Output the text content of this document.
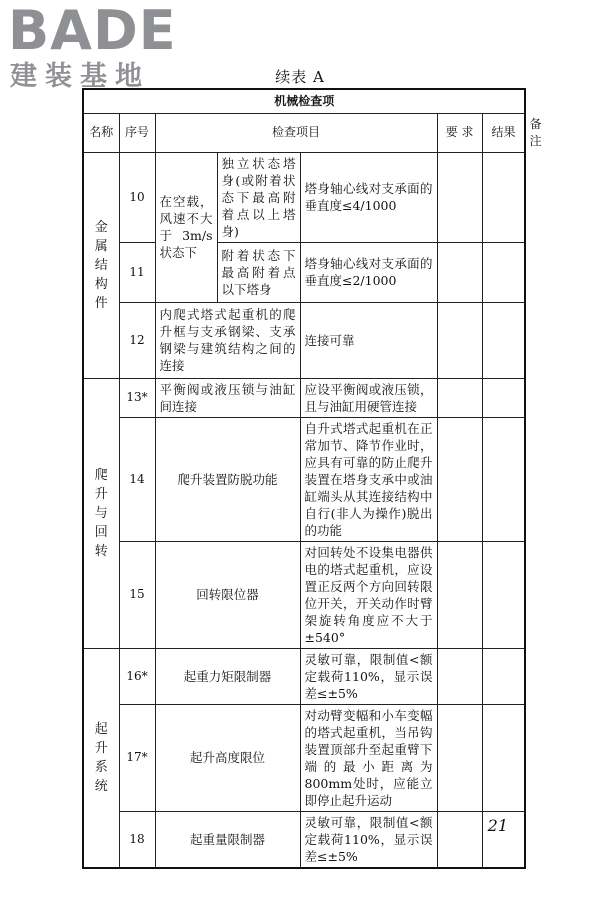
BADE
建装基地	续表 A
机械检查项							
名称	序号	检查项目			要 求	结果	备注

金
属
结
构
件	10	在空载，风速不大于3m/s 状态下	独立状态塔身(或附着状态下最高附着点以上塔身)	塔身轴心线对支承面的垂直度≤4/1000			
	11		附着状态下最高附着点以下塔身	塔身轴心线对支承面的垂直度≤2/1000			
	12	内爬式塔式起重机的爬升框与支承钢梁、支承钢梁与建筑结构之间的连接		连接可靠			

爬
升
与
回
转	13*	平衡阀或液压锁与油缸间连接		应设平衡阀或液压锁，且与油缸用硬管连接			
	14	爬升装置防脱功能		自升式塔式起重机在正常加节、降节作业时，应具有可靠的防止爬升装置在塔身支承中或油缸端头从其连接结构中自行(非人为操作)脱出的功能			
	15	回转限位器		对回转处不设集电器供电的塔式起重机，应设置正反两个方向回转限位开关，开关动作时臂架旋转角度应不大于±540°			

起
升
系
统	16*	起重力矩限制器		灵敏可靠，限制值<额定载荷110%，显示误差≤±5%			
	17*	起升高度限位		对动臂变幅和小车变幅的塔式起重机，当吊钩装置顶部升至起重臂下端的最小距离为800mm处时，应能立即停止起升运动			
	18	起重量限制器		灵敏可靠，限制值<额定载荷110%，显示误差≤±5%			
21
